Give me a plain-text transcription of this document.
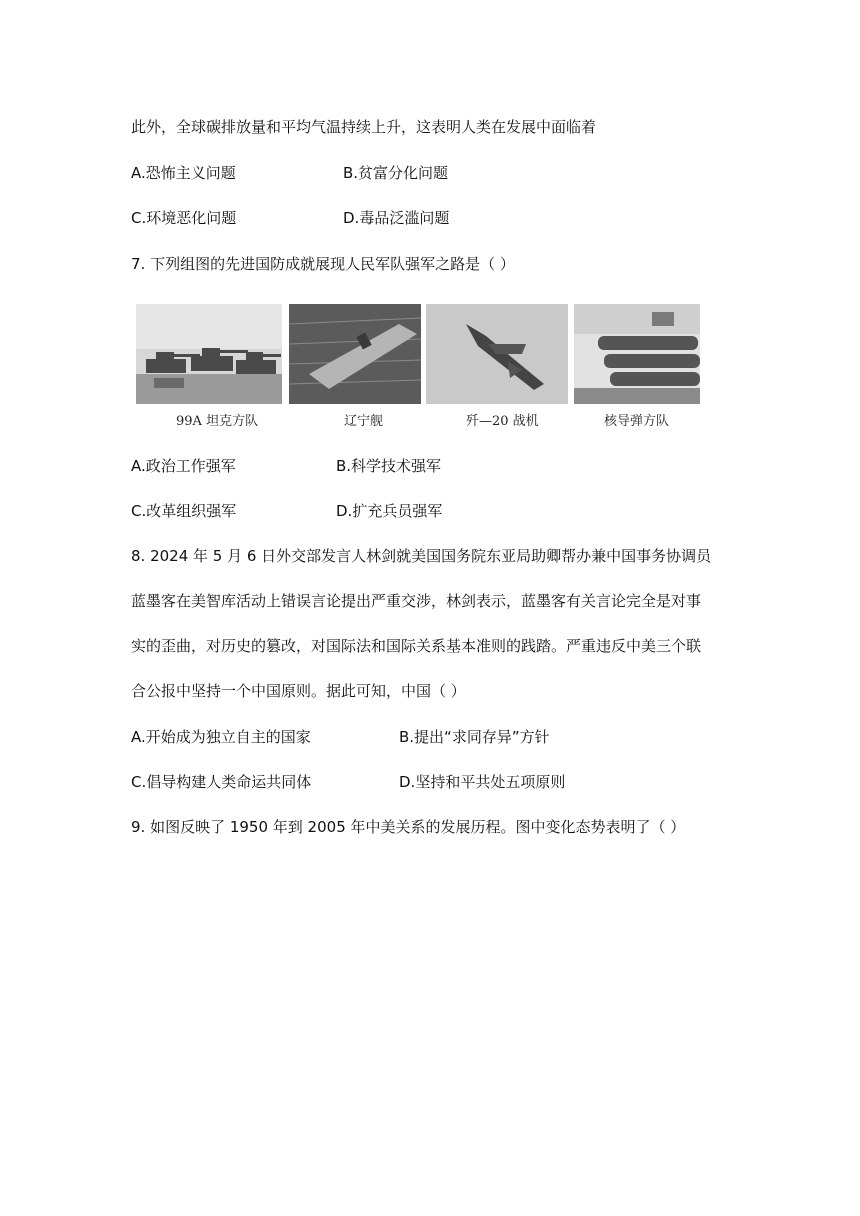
此外，全球碳排放量和平均气温持续上升，这表明人类在发展中面临着
A.恐怖主义问题	B.贫富分化问题
C.环境恶化问题	D.毒品泛滥问题
7. 下列组图的先进国防成就展现人民军队强军之路是（ ）
99A 坦克方队	辽宁舰	歼—20 战机	核导弹方队
A.政治工作强军	B.科学技术强军
C.改革组织强军	D.扩充兵员强军
8. 2024 年 5 月 6 日外交部发言人林剑就美国国务院东亚局助卿帮办兼中国事务协调员
蓝墨客在美智库活动上错误言论提出严重交涉，林剑表示，蓝墨客有关言论完全是对事
实的歪曲，对历史的篡改，对国际法和国际关系基本准则的践踏。严重违反中美三个联
合公报中坚持一个中国原则。据此可知，中国（ ）
A.开始成为独立自主的国家	B.提出“求同存异”方针
C.倡导构建人类命运共同体	D.坚持和平共处五项原则
9. 如图反映了 1950 年到 2005 年中美关系的发展历程。图中变化态势表明了（ ）
